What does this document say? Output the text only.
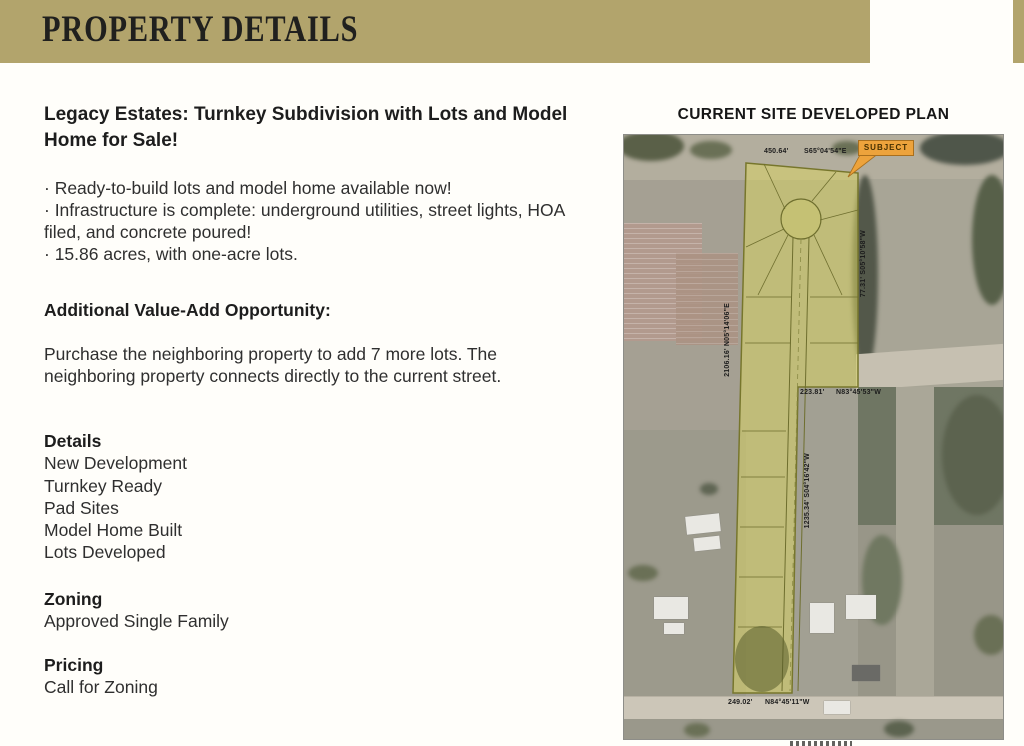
PROPERTY DETAILS

Legacy Estates: Turnkey Subdivision with Lots and Model Home for Sale!

· Ready-to-build lots and model home available now!
· Infrastructure is complete: underground utilities, street lights, HOA filed, and concrete poured!
· 15.86 acres, with one-acre lots.

Additional Value-Add Opportunity:

Purchase the neighboring property to add 7 more lots. The neighboring property connects directly to the current street.

Details

New Development
Turnkey Ready
Pad Sites
Model Home Built
Lots Developed

Zoning

Approved Single Family

Pricing

Call for Zoning
CURRENT SITE DEVELOPED PLAN
SUBJECT
450.64' S65°04'54"E
77.31' S05°10'58"W
223.81' N83°45'53"W
2106.16' N05°14'06"E
1235.34' S04°16'42"W
249.02' N84°45'11"W
